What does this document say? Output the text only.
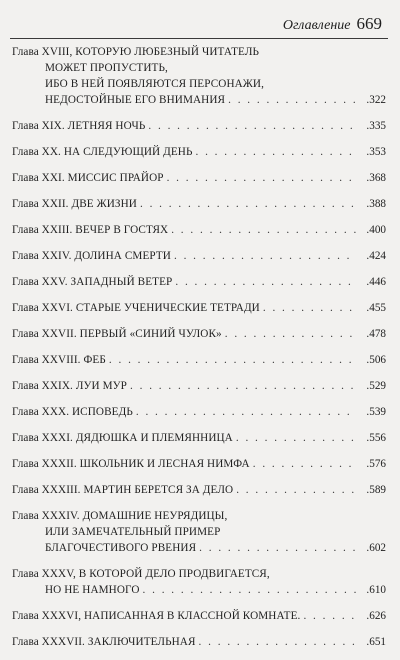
Оглавление 669
Глава XVIII, КОТОРУЮ ЛЮБЕЗНЫЙ ЧИТАТЕЛЬ
МОЖЕТ ПРОПУСТИТЬ,
ИБО В НЕЙ ПОЯВЛЯЮТСЯ ПЕРСОНАЖИ,
НЕДОСТОЙНЫЕ ЕГО ВНИМАНИЯ . . .	.322
Глава XIX. ЛЕТНЯЯ НОЧЬ . . .	.335
Глава XX. НА СЛЕДУЮЩИЙ ДЕНЬ . . .	.353
Глава XXI. МИССИС ПРАЙОР . . .	.368
Глава XXII. ДВЕ ЖИЗНИ . . .	.388
Глава XXIII. ВЕЧЕР В ГОСТЯХ . . .	.400
Глава XXIV. ДОЛИНА СМЕРТИ . . .	.424
Глава XXV. ЗАПАДНЫЙ ВЕТЕР . . .	.446
Глава XXVI. СТАРЫЕ УЧЕНИЧЕСКИЕ ТЕТРАДИ . . .	.455
Глава XXVII. ПЕРВЫЙ «СИНИЙ ЧУЛОК» . . .	.478
Глава XXVIII. ФЕБ . . .	.506
Глава XXIX. ЛУИ МУР . . .	.529
Глава XXX. ИСПОВЕДЬ . . .	.539
Глава XXXI. ДЯДЮШКА И ПЛЕМЯННИЦА . . .	.556
Глава XXXII. ШКОЛЬНИК И ЛЕСНАЯ НИМФА . . .	.576
Глава XXXIII. МАРТИН БЕРЕТСЯ ЗА ДЕЛО . . .	.589
Глава XXXIV. ДОМАШНИЕ НЕУРЯДИЦЫ,
ИЛИ ЗАМЕЧАТЕЛЬНЫЙ ПРИМЕР
БЛАГОЧЕСТИВОГО РВЕНИЯ . . .	.602
Глава XXXV, В КОТОРОЙ ДЕЛО ПРОДВИГАЕТСЯ,
НО НЕ НАМНОГО . . .	.610
Глава XXXVI, НАПИСАННАЯ В КЛАССНОЙ КОМНАТЕ. . . .	.626
Глава XXXVII. ЗАКЛЮЧИТЕЛЬНАЯ . . .	.651
